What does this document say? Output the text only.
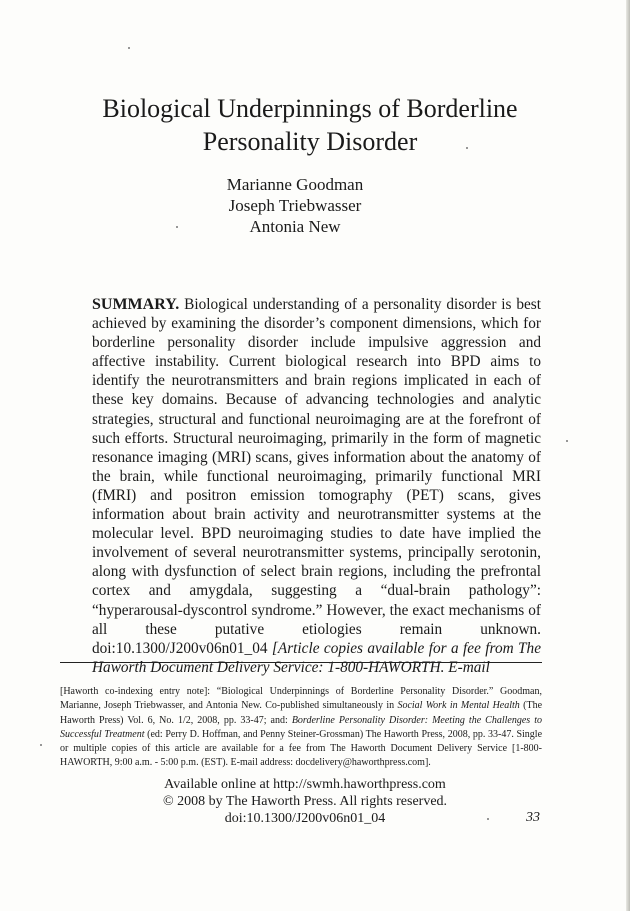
Biological Underpinnings of Borderline
Personality Disorder
Marianne Goodman
Joseph Triebwasser
Antonia New

SUMMARY. Biological understanding of a personality disorder is best achieved by examining the disorder’s component dimensions, which for borderline personality disorder include impulsive aggression and affective instability. Current biological research into BPD aims to identify the neurotransmitters and brain regions implicated in each of these key domains. Because of advancing technologies and analytic strategies, structural and functional neuroimaging are at the forefront of such efforts. Structural neuroimaging, primarily in the form of magnetic resonance imaging (MRI) scans, gives information about the anatomy of the brain, while functional neuroimaging, primarily functional MRI (fMRI) and positron emission tomography (PET) scans, gives information about brain activity and neurotransmitter systems at the molecular level. BPD neuroimaging studies to date have implied the involvement of several neurotransmitter systems, principally serotonin, along with dysfunction of select brain regions, including the prefrontal cortex and amygdala, suggesting a “dual-brain pathology”: “hyperarousal-dyscontrol syndrome.” However, the exact mechanisms of all these putative etiologies remain unknown. doi:10.1300/J200v06n01_04 [Article copies available for a fee from The Haworth Document Delivery Service: 1-800-HAWORTH. E-mail

[Haworth co-indexing entry note]: “Biological Underpinnings of Borderline Personality Disorder.” Goodman, Marianne, Joseph Triebwasser, and Antonia New. Co-published simultaneously in Social Work in Mental Health (The Haworth Press) Vol. 6, No. 1/2, 2008, pp. 33-47; and: Borderline Personality Disorder: Meeting the Challenges to Successful Treatment (ed: Perry D. Hoffman, and Penny Steiner-Grossman) The Haworth Press, 2008, pp. 33-47. Single or multiple copies of this article are available for a fee from The Haworth Document Delivery Service [1-800-HAWORTH, 9:00 a.m. - 5:00 p.m. (EST). E-mail address: docdelivery@haworthpress.com].

Available online at http://swmh.haworthpress.com
© 2008 by The Haworth Press. All rights reserved.
doi:10.1300/J200v06n01_04	33
